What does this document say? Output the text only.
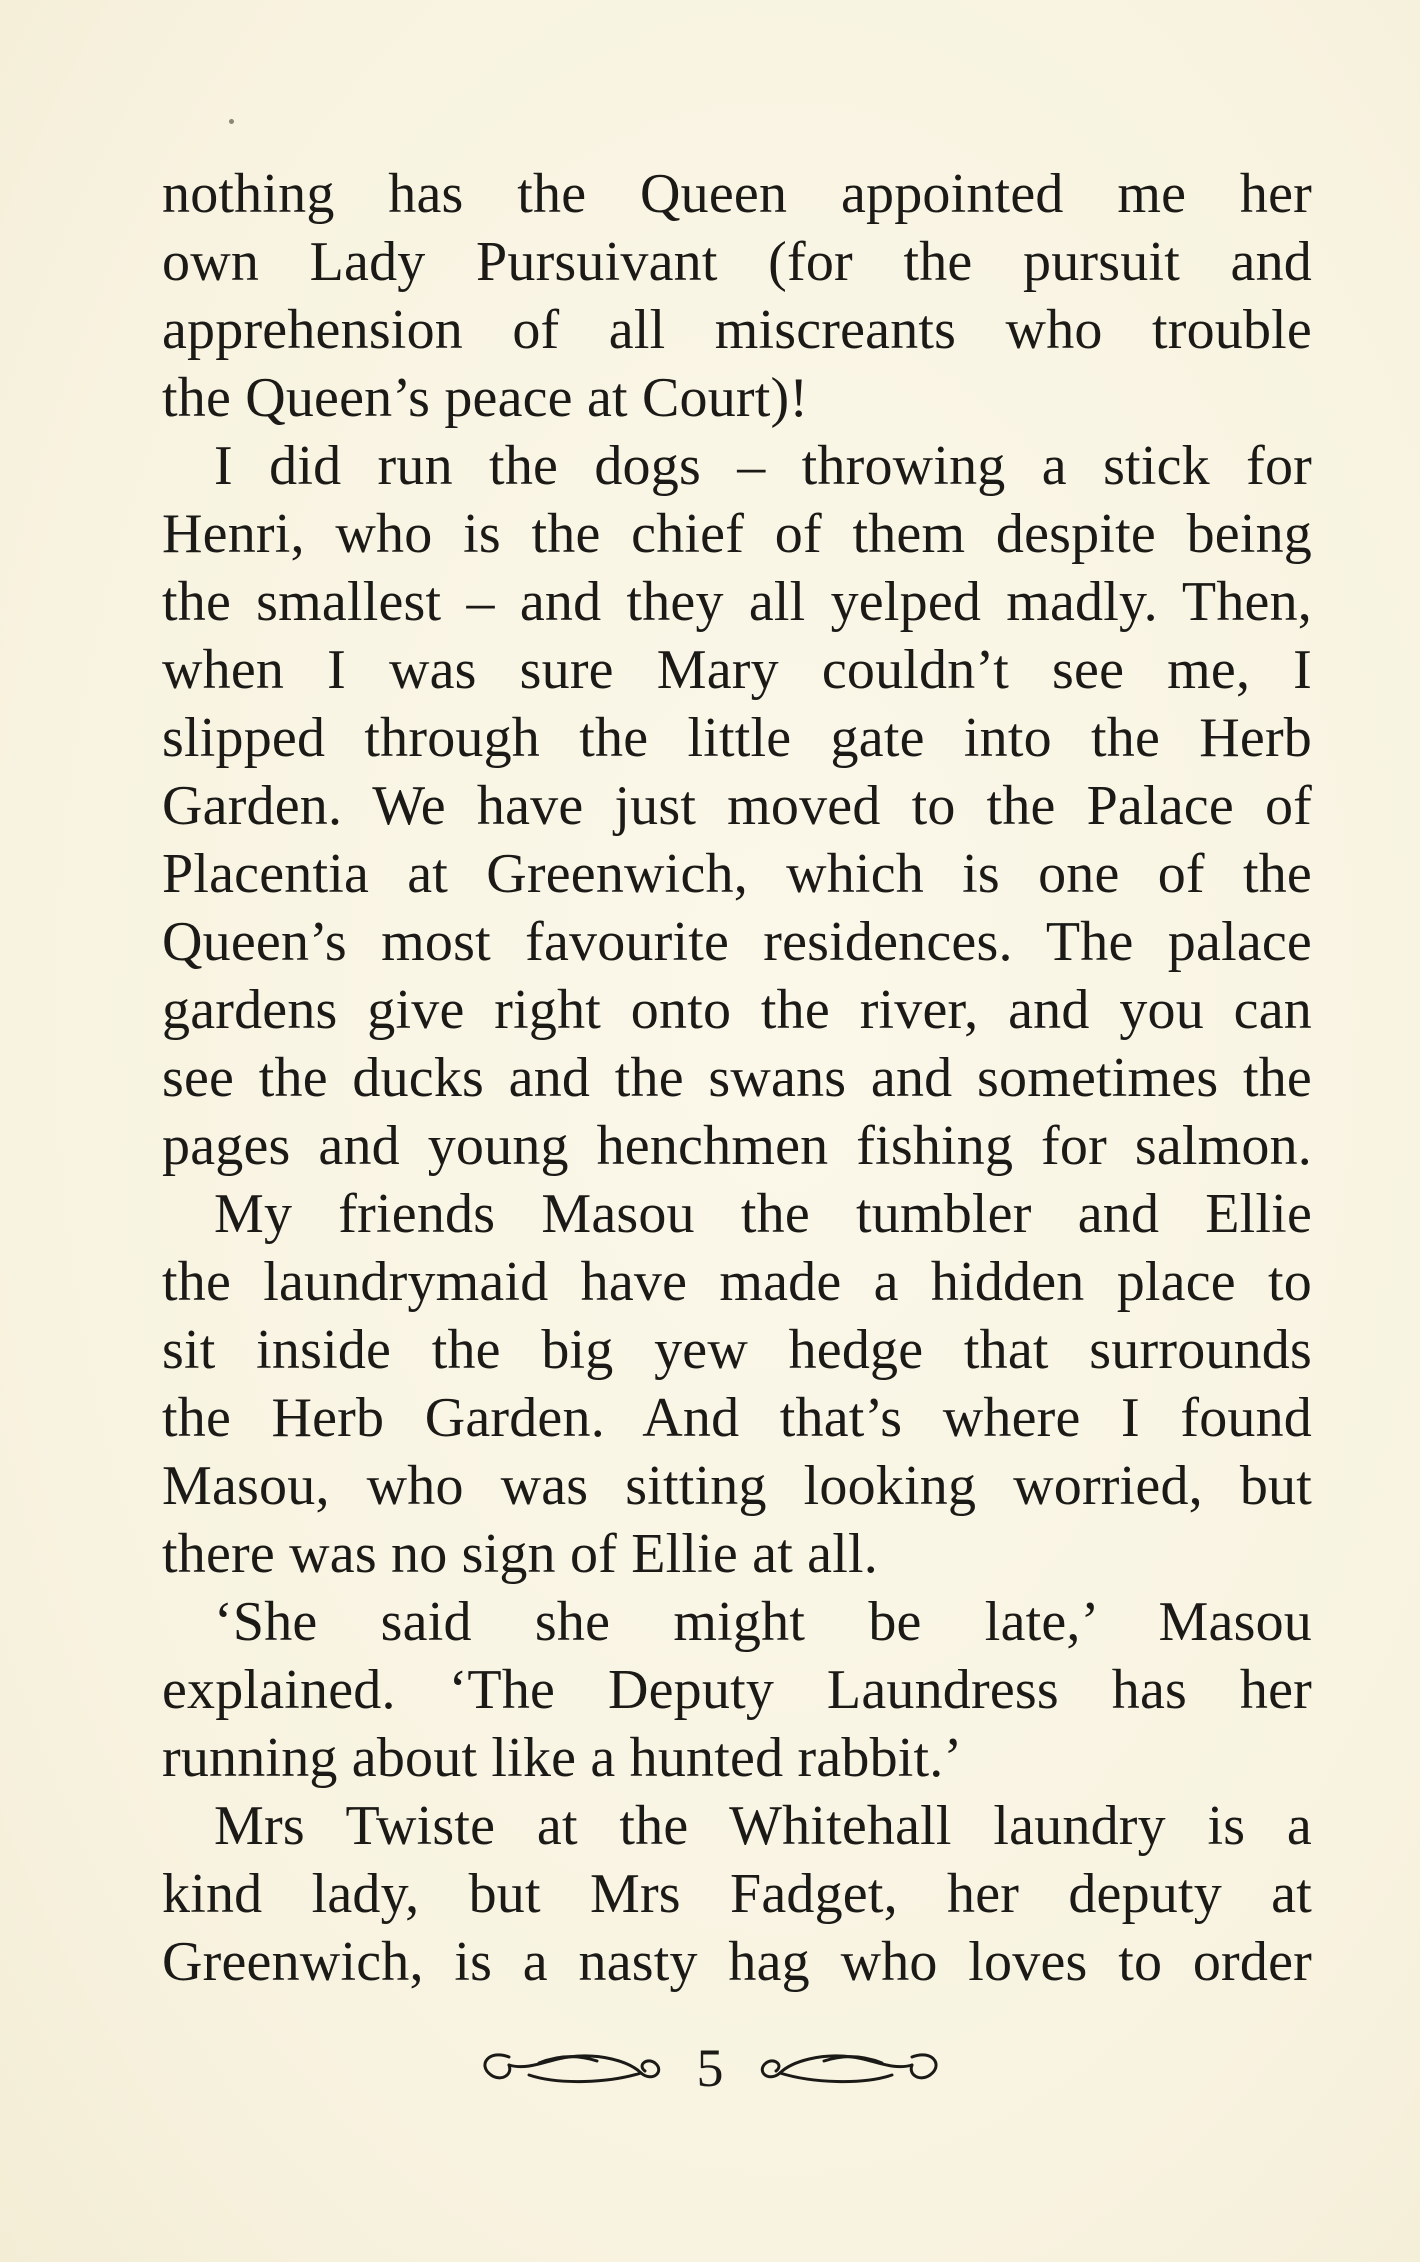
nothing has the Queen appointed me her
own Lady Pursuivant (for the pursuit and
apprehension of all miscreants who trouble
the Queen’s peace at Court)!
I did run the dogs – throwing a stick for
Henri, who is the chief of them despite being
the smallest – and they all yelped madly. Then,
when I was sure Mary couldn’t see me, I
slipped through the little gate into the Herb
Garden. We have just moved to the Palace of
Placentia at Greenwich, which is one of the
Queen’s most favourite residences. The palace
gardens give right onto the river, and you can
see the ducks and the swans and sometimes the
pages and young henchmen fishing for salmon.
My friends Masou the tumbler and Ellie
the laundrymaid have made a hidden place to
sit inside the big yew hedge that surrounds
the Herb Garden. And that’s where I found
Masou, who was sitting looking worried, but
there was no sign of Ellie at all.
‘She said she might be late,’ Masou
explained. ‘The Deputy Laundress has her
running about like a hunted rabbit.’
Mrs Twiste at the Whitehall laundry is a
kind lady, but Mrs Fadget, her deputy at
Greenwich, is a nasty hag who loves to order
5
